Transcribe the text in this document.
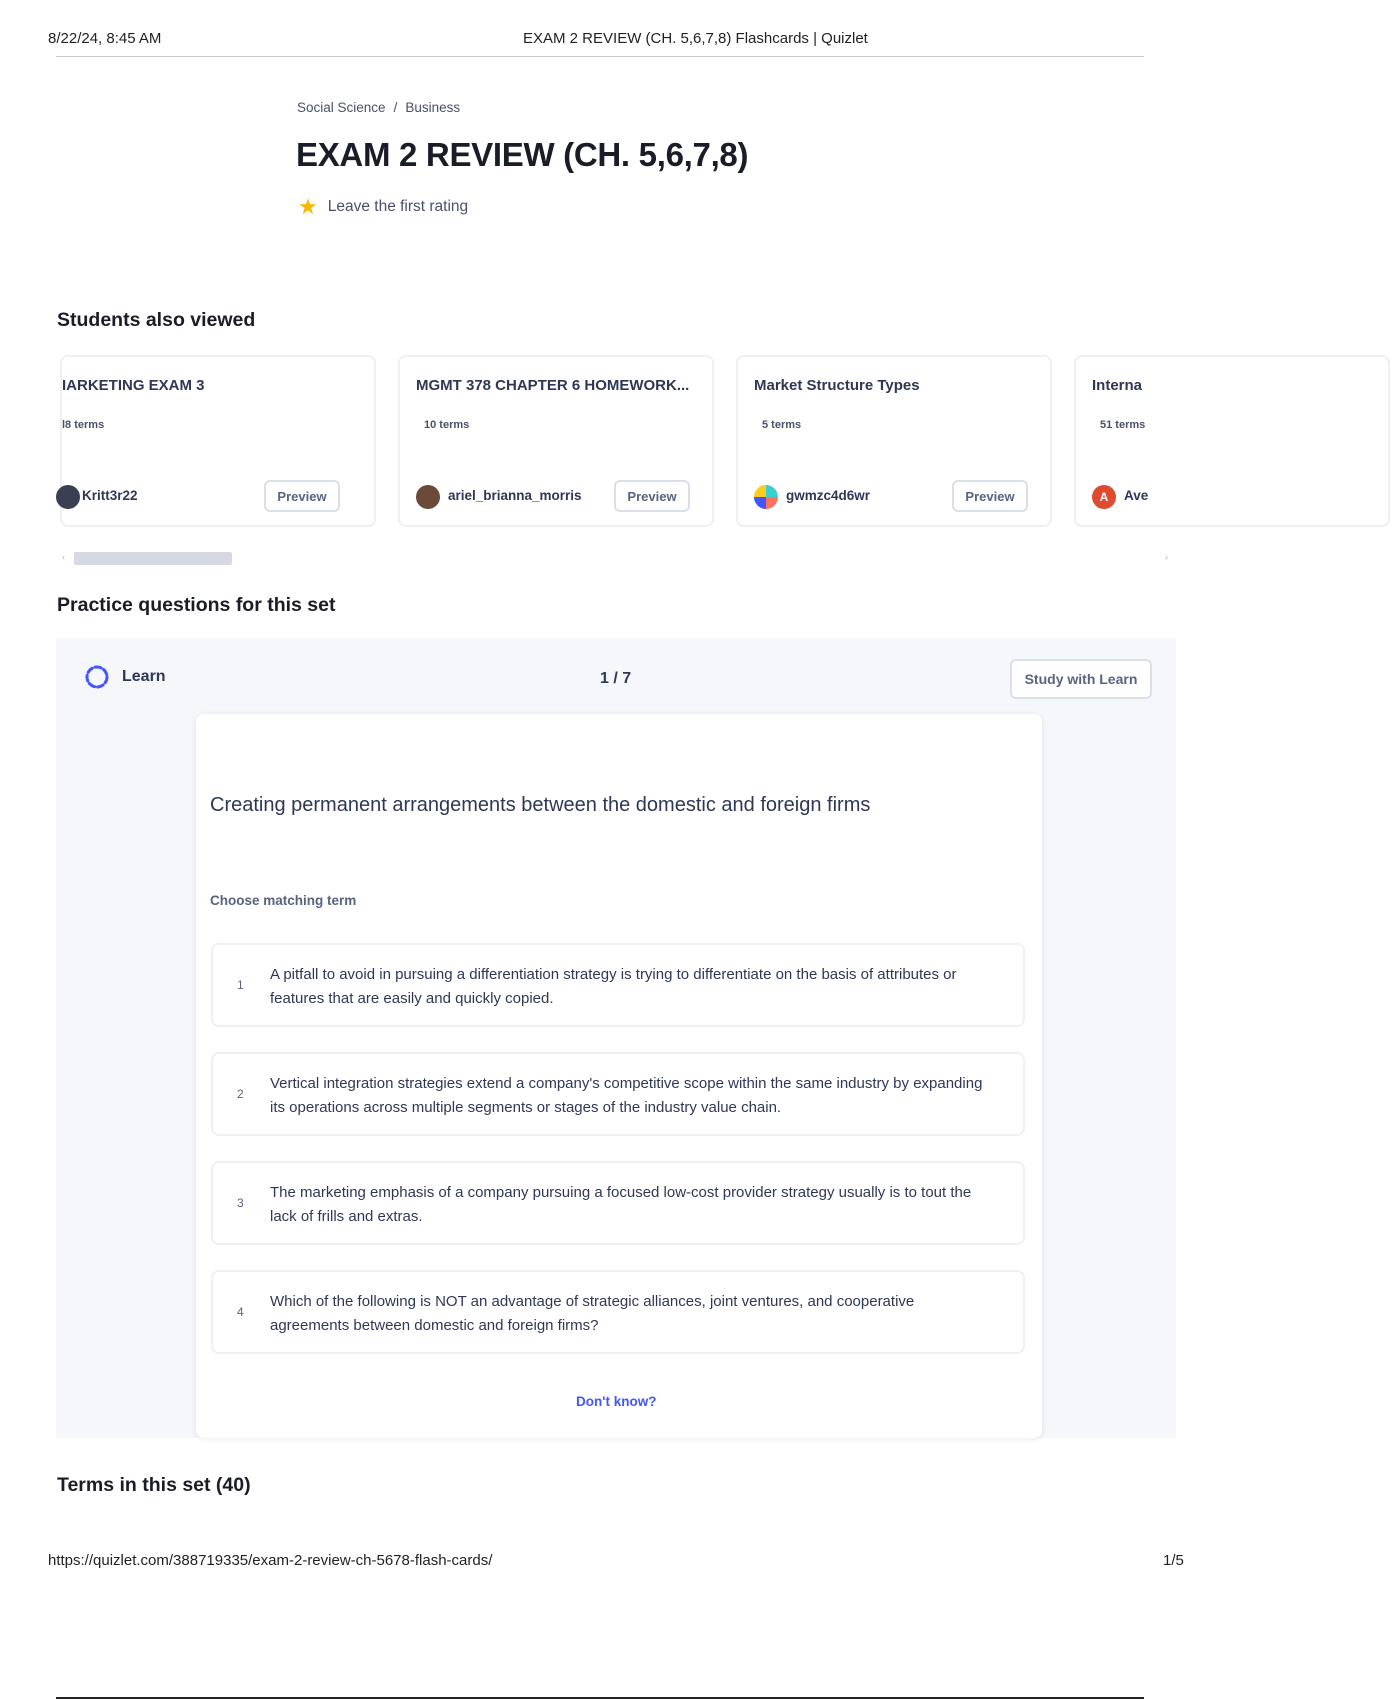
8/22/24, 8:45 AM	EXAM 2 REVIEW (CH. 5,6,7,8) Flashcards | Quizlet
Social Science / Business
EXAM 2 REVIEW (CH. 5,6,7,8)
★ Leave the first rating
Students also viewed
IARKETING EXAM 3
l8 terms
Kritt3r22	Preview
MGMT 378 CHAPTER 6 HOMEWORK...
10 terms
ariel_brianna_morris	Preview
Market Structure Types
5 terms
gwmzc4d6wr	Preview
Interna
51 terms
A	Ave
‹	›
Practice questions for this set
Learn	1 / 7	Study with Learn
Creating permanent arrangements between the domestic and foreign firms
Choose matching term
1
A pitfall to avoid in pursuing a differentiation strategy is trying to differentiate on the basis of attributes or features that are easily and quickly copied.
2
Vertical integration strategies extend a company's competitive scope within the same industry by expanding its operations across multiple segments or stages of the industry value chain.
3
The marketing emphasis of a company pursuing a focused low-cost provider strategy usually is to tout the lack of frills and extras.
4
Which of the following is NOT an advantage of strategic alliances, joint ventures, and cooperative agreements between domestic and foreign firms?
Don't know?
Terms in this set (40)
https://quizlet.com/388719335/exam-2-review-ch-5678-flash-cards/	1/5
